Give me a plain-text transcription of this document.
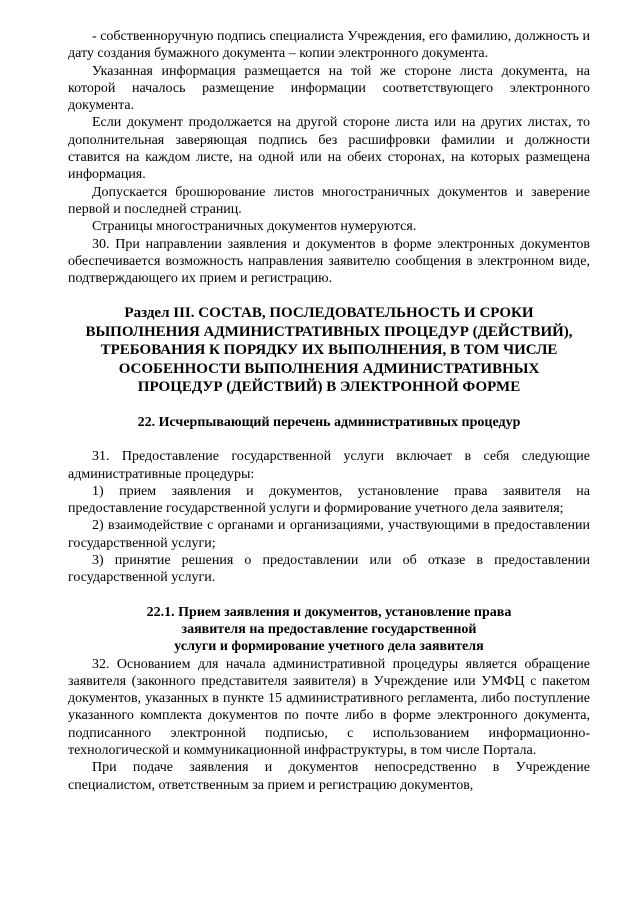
- собственноручную подпись специалиста Учреждения, его фамилию, должность и дату создания бумажного документа – копии электронного документа.

Указанная информация размещается на той же стороне листа документа, на которой началось размещение информации соответствующего электронного документа.

Если документ продолжается на другой стороне листа или на других листах, то дополнительная заверяющая подпись без расшифровки фамилии и должности ставится на каждом листе, на одной или на обеих сторонах, на которых размещена информация.

Допускается брошюрование листов многостраничных документов и заверение первой и последней страниц.

Страницы многостраничных документов нумеруются.

30. При направлении заявления и документов в форме электронных документов обеспечивается возможность направления заявителю сообщения в электронном виде, подтверждающего их прием и регистрацию.

Раздел III. СОСТАВ, ПОСЛЕДОВАТЕЛЬНОСТЬ И СРОКИ ВЫПОЛНЕНИЯ АДМИНИСТРАТИВНЫХ ПРОЦЕДУР (ДЕЙСТВИЙ), ТРЕБОВАНИЯ К ПОРЯДКУ ИХ ВЫПОЛНЕНИЯ, В ТОМ ЧИСЛЕ ОСОБЕННОСТИ ВЫПОЛНЕНИЯ АДМИНИСТРАТИВНЫХ ПРОЦЕДУР (ДЕЙСТВИЙ) В ЭЛЕКТРОННОЙ ФОРМЕ

22. Исчерпывающий перечень административных процедур

31. Предоставление государственной услуги включает в себя следующие административные процедуры:

1) прием заявления и документов, установление права заявителя на предоставление государственной услуги и формирование учетного дела заявителя;

2) взаимодействие с органами и организациями, участвующими в предоставлении государственной услуги;

3) принятие решения о предоставлении или об отказе в предоставлении государственной услуги.

22.1. Прием заявления и документов, установление права
заявителя на предоставление государственной
услуги и формирование учетного дела заявителя

32. Основанием для начала административной процедуры является обращение заявителя (законного представителя заявителя) в Учреждение или УМФЦ с пакетом документов, указанных в пункте 15 административного регламента, либо поступление указанного комплекта документов по почте либо в форме электронного документа, подписанного электронной подписью, с использованием информационно-технологической и коммуникационной инфраструктуры, в том числе Портала.

При подаче заявления и документов непосредственно в Учреждение специалистом, ответственным за прием и регистрацию документов,
